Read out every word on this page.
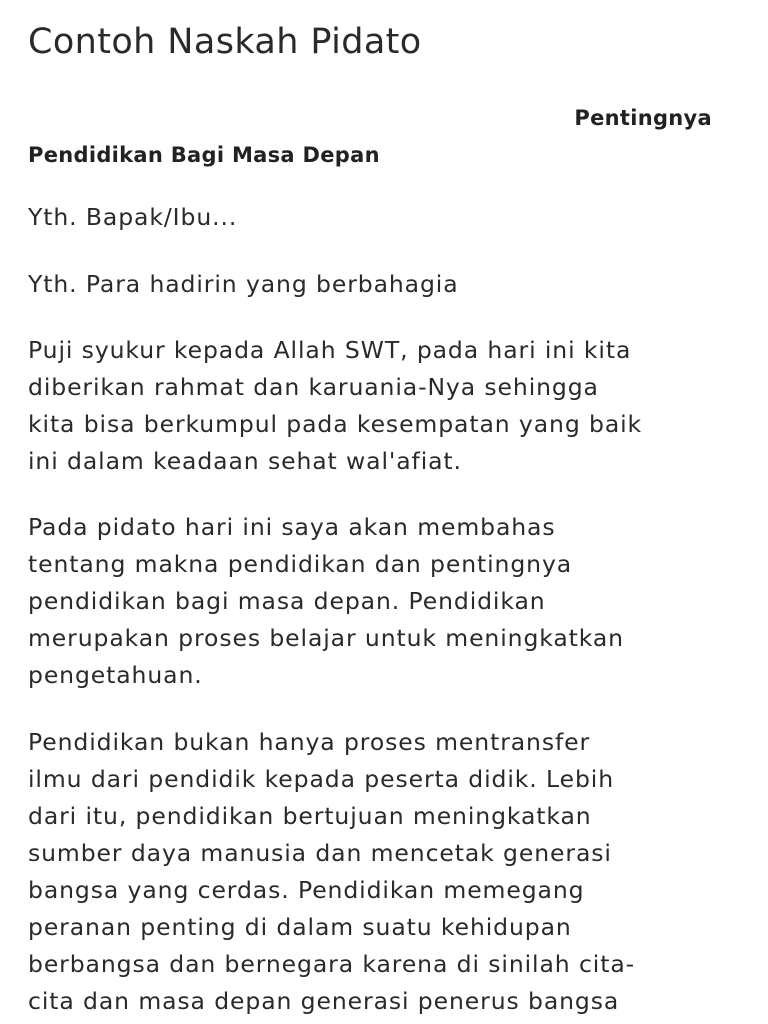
Contoh Naskah Pidato
Pentingnya
Pendidikan Bagi Masa Depan

Yth. Bapak/Ibu...

Yth. Para hadirin yang berbahagia

Puji syukur kepada Allah SWT, pada hari ini kita
diberikan rahmat dan karuania-Nya sehingga
kita bisa berkumpul pada kesempatan yang baik
ini dalam keadaan sehat wal'afiat.

Pada pidato hari ini saya akan membahas
tentang makna pendidikan dan pentingnya
pendidikan bagi masa depan. Pendidikan
merupakan proses belajar untuk meningkatkan
pengetahuan.

Pendidikan bukan hanya proses mentransfer
ilmu dari pendidik kepada peserta didik. Lebih
dari itu, pendidikan bertujuan meningkatkan
sumber daya manusia dan mencetak generasi
bangsa yang cerdas. Pendidikan memegang
peranan penting di dalam suatu kehidupan
berbangsa dan bernegara karena di sinilah cita-
cita dan masa depan generasi penerus bangsa
